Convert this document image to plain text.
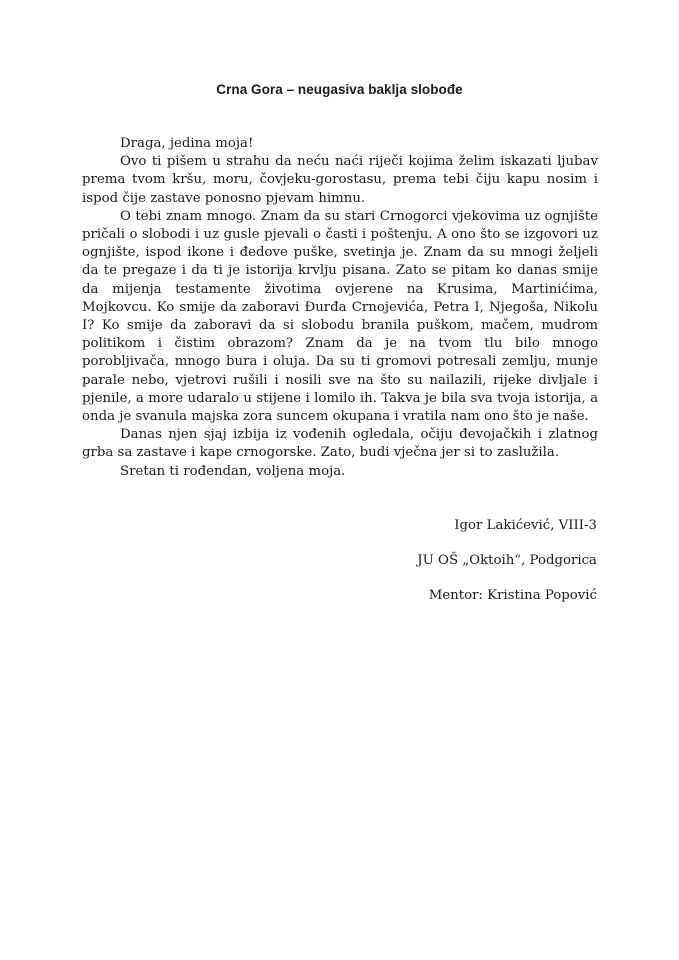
Crna Gora – neugasiva baklja slobođe

Draga, jedina moja!

Ovo ti pišem u strahu da neću naći riječi kojima želim iskazati ljubav prema tvom kršu, moru, čovjeku-gorostasu, prema tebi čiju kapu nosim i ispod čije zastave ponosno pjevam himnu.

O tebi znam mnogo. Znam da su stari Crnogorci vjekovima uz ognjište pričali o slobodi i uz gusle pjevali o časti i poštenju. A ono što se izgovori uz ognjište, ispod ikone i đedove puške, svetinja je. Znam da su mnogi željeli da te pregaze i da ti je istorija krvlju pisana. Zato se pitam ko danas smije da mijenja testamente životima ovjerene na Krusima, Martinićima, Mojkovcu. Ko smije da zaboravi Đurđa Crnojevića, Petra I, Njegoša, Nikolu I? Ko smije da zaboravi da si slobodu branila puškom, mačem, mudrom politikom i čistim obrazom? Znam da je na tvom tlu bilo mnogo porobljivača, mnogo bura i oluja. Da su ti gromovi potresali zemlju, munje parale nebo, vjetrovi rušili i nosili sve na što su nailazili, rijeke divljale i pjenile, a more udaralo u stijene i lomilo ih. Takva je bila sva tvoja istorija, a onda je svanula majska zora suncem okupana i vratila nam ono što je naše.

Danas njen sjaj izbija iz vođenih ogledala, očiju đevojačkih i zlatnog grba sa zastave i kape crnogorske. Zato, budi vječna jer si to zaslužila.

Sretan ti rođendan, voljena moja.

Igor Lakićević, VIII-3
JU OŠ „Oktoih“, Podgorica
Mentor: Kristina Popović
